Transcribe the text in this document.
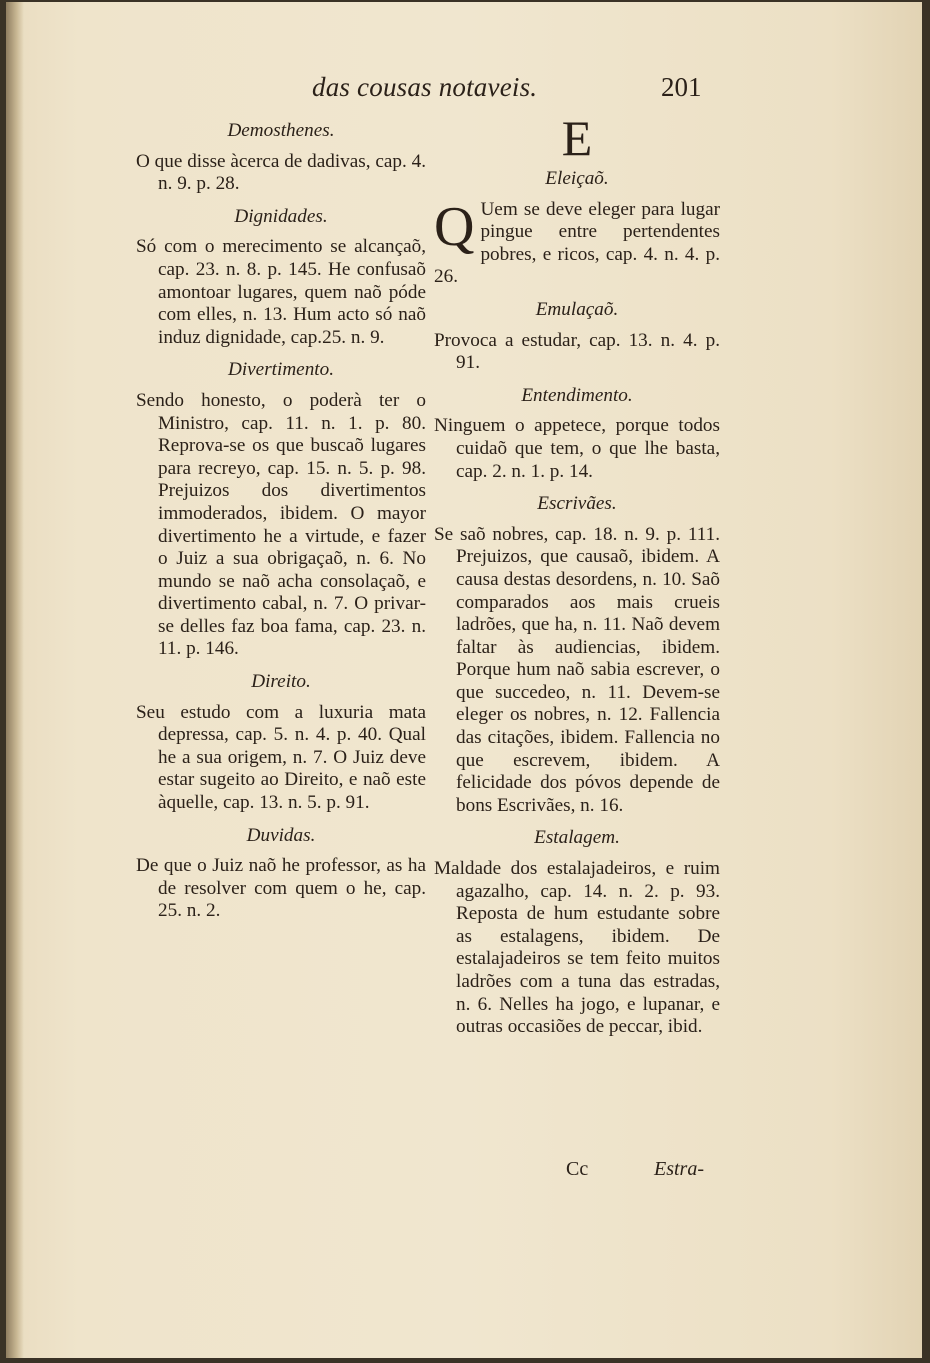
das cousas notaveis.	201
Demosthenes.

O que disse àcerca de dadivas, cap. 4. n. 9. p. 28.

Dignidades.

Só com o merecimento se alcançaõ, cap. 23. n. 8. p. 145. He confusaõ amontoar lugares, quem naõ póde com elles, n. 13. Hum acto só naõ induz dignidade, cap.25. n. 9.

Divertimento.

Sendo honesto, o poderà ter o Ministro, cap. 11. n. 1. p. 80. Reprova-se os que buscaõ lugares para recreyo, cap. 15. n. 5. p. 98. Prejuizos dos divertimentos immoderados, ibidem. O mayor divertimento he a virtude, e fazer o Juiz a sua obrigaçaõ, n. 6. No mundo se naõ acha consolaçaõ, e divertimento cabal, n. 7. O privar-se delles faz boa fama, cap. 23. n. 11. p. 146.

Direito.

Seu estudo com a luxuria mata depressa, cap. 5. n. 4. p. 40. Qual he a sua origem, n. 7. O Juiz deve estar sugeito ao Direito, e naõ este àquelle, cap. 13. n. 5. p. 91.

Duvidas.

De que o Juiz naõ he professor, as ha de resolver com quem o he, cap. 25. n. 2.

E
Eleiçaõ.

Q Uem se deve eleger para lugar pingue entre pertendentes pobres, e ricos, cap. 4. n. 4. p. 26.

Emulaçaõ.

Provoca a estudar, cap. 13. n. 4. p. 91.

Entendimento.

Ninguem o appetece, porque todos cuidaõ que tem, o que lhe basta, cap. 2. n. 1. p. 14.

Escrivães.

Se saõ nobres, cap. 18. n. 9. p. 111. Prejuizos, que causaõ, ibidem. A causa destas desordens, n. 10. Saõ comparados aos mais crueis ladrões, que ha, n. 11. Naõ devem faltar às audiencias, ibidem. Porque hum naõ sabia escrever, o que succedeo, n. 11. Devem-se eleger os nobres, n. 12. Fallencia das citações, ibidem. Fallencia no que escrevem, ibidem. A felicidade dos póvos depende de bons Escrivães, n. 16.

Estalagem.

Maldade dos estalajadeiros, e ruim agazalho, cap. 14. n. 2. p. 93. Reposta de hum estudante sobre as estalagens, ibidem. De estalajadeiros se tem feito muitos ladrões com a tuna das estradas, n. 6. Nelles ha jogo, e lupanar, e outras occasiões de peccar, ibid.

Cc	Estra-
